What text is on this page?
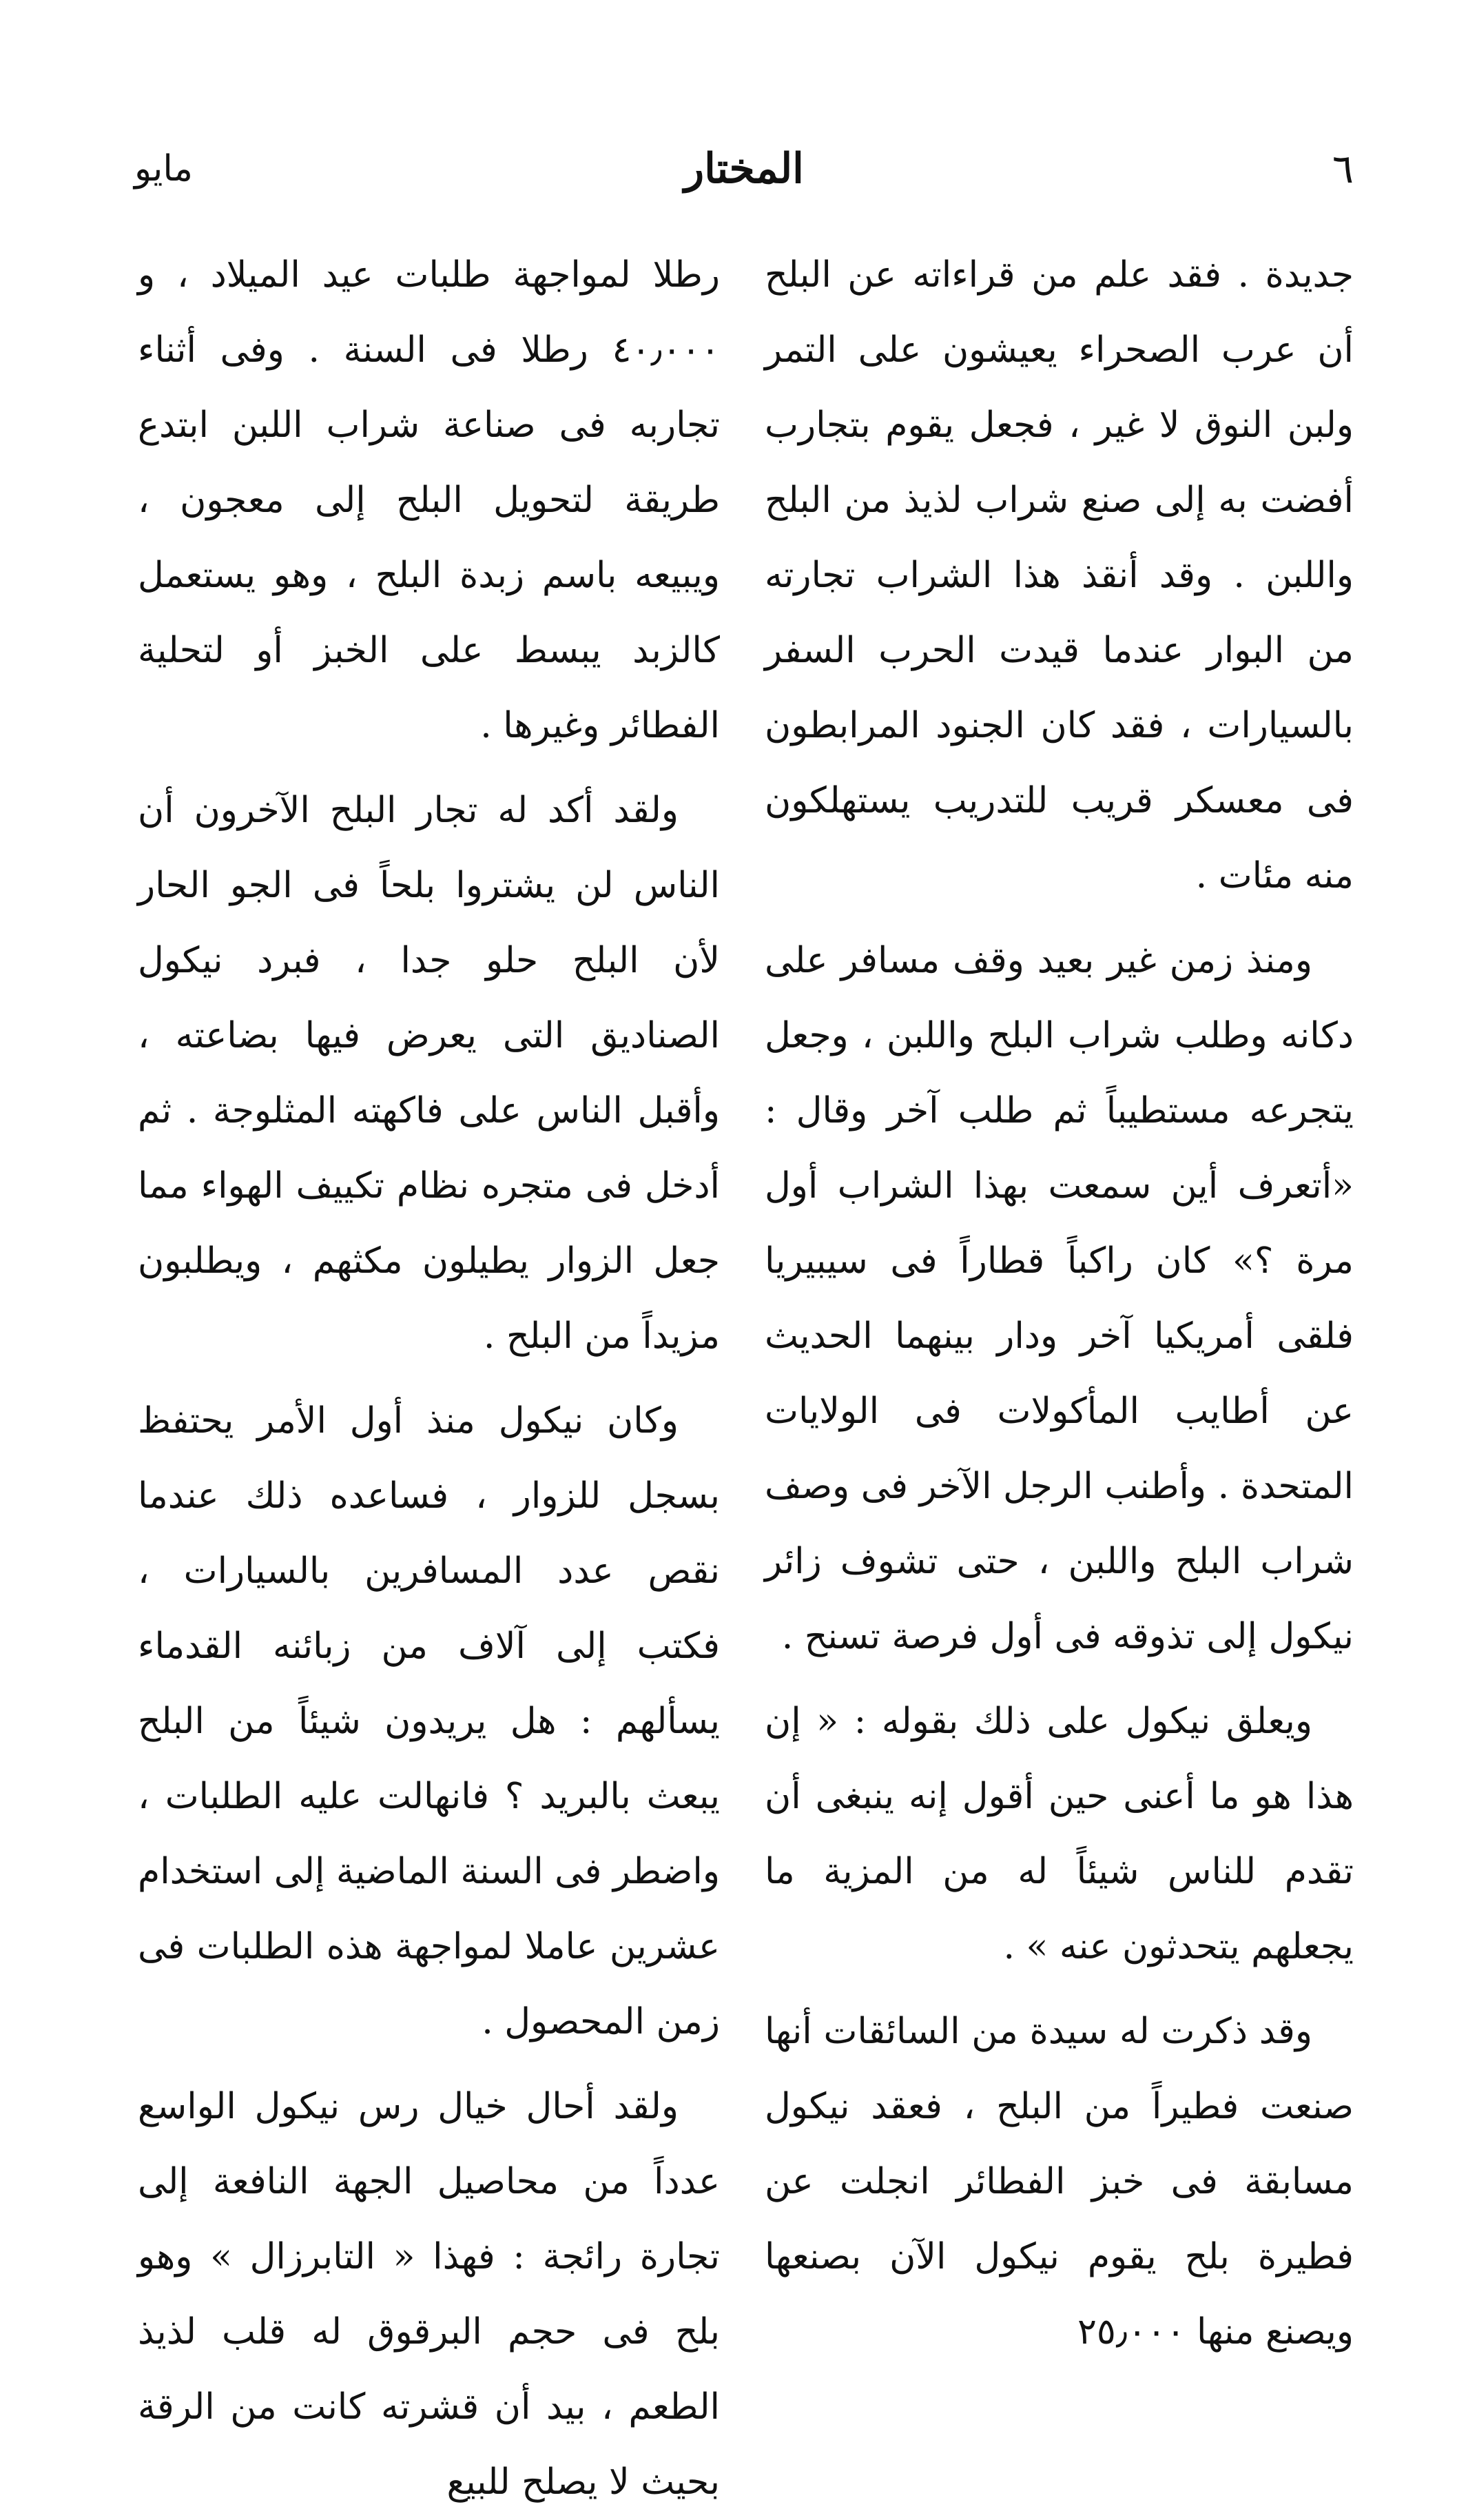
٦
المختار
مايو

جديدة . فقد علم من قراءاته عن البلح أن عرب الصحراء يعيشون على التمر ولبن النوق لا غير ، فجعل يقوم بتجارب أفضت به إلى صنع شراب لذيذ من البلح واللبن . وقد أنقذ هذا الشراب تجارته من البوار عندما قيدت الحرب السفر بالسيارات ، فقد كان الجنود المرابطون فى معسكر قريب للتدريب يستهلكون منه مئات .

ومنذ زمن غير بعيد وقف مسافر على دكانه وطلب شراب البلح واللبن ، وجعل يتجرعه مستطيباً ثم طلب آخر وقال : «أتعرف أين سمعت بهذا الشراب أول مرة ؟» كان راكباً قطاراً فى سيبيريا فلقى أمريكيا آخر ودار بينهما الحديث عن أطايب المأكولات فى الولايات المتحدة . وأطنب الرجل الآخر فى وصف شراب البلح واللبن ، حتى تشوف زائر نيكول إلى تذوقه فى أول فرصة تسنح .

ويعلق نيكول على ذلك بقوله : « إن هذا هو ما أعنى حين أقول إنه ينبغى أن تقدم للناس شيئاً له من المزية ما يجعلهم يتحدثون عنه » .

وقد ذكرت له سيدة من السائقات أنها صنعت فطيراً من البلح ، فعقد نيكول مسابقة فى خبز الفطائر انجلت عن فطيرة بلح يقوم نيكول الآن بصنعها ويصنع منها ٢٥٫٠٠٠

رطلا لمواجهة طلبات عيد الميلاد ، و ٤٠٫٠٠٠ رطلا فى السنة . وفى أثناء تجاربه فى صناعة شراب اللبن ابتدع طريقة لتحويل البلح إلى معجون ، ويبيعه باسم زبدة البلح ، وهو يستعمل كالزبد يبسط على الخبز أو لتحلية الفطائر وغيرها .

ولقد أكد له تجار البلح الآخرون أن الناس لن يشتروا بلحاً فى الجو الحار لأن البلح حلو جدا ، فبرد نيكول الصناديق التى يعرض فيها بضاعته ، وأقبل الناس على فاكهته المثلوجة . ثم أدخل فى متجره نظام تكييف الهواء مما جعل الزوار يطيلون مكثهم ، ويطلبون مزيداً من البلح .

وكان نيكول منذ أول الأمر يحتفظ بسجل للزوار ، فساعده ذلك عندما نقص عدد المسافرين بالسيارات ، فكتب إلى آلاف من زبائنه القدماء يسألهم : هل يريدون شيئاً من البلح يبعث بالبريد ؟ فانهالت عليه الطلبات ، واضطر فى السنة الماضية إلى استخدام عشرين عاملا لمواجهة هذه الطلبات فى زمن المحصول .

ولقد أحال خيال رس نيكول الواسع عدداً من محاصيل الجهة النافعة إلى تجارة رائجة : فهذا « التابرزال » وهو بلح فى حجم البرقوق له قلب لذيذ الطعم ، بيد أن قشرته كانت من الرقة بحيث لا يصلح للبيع
